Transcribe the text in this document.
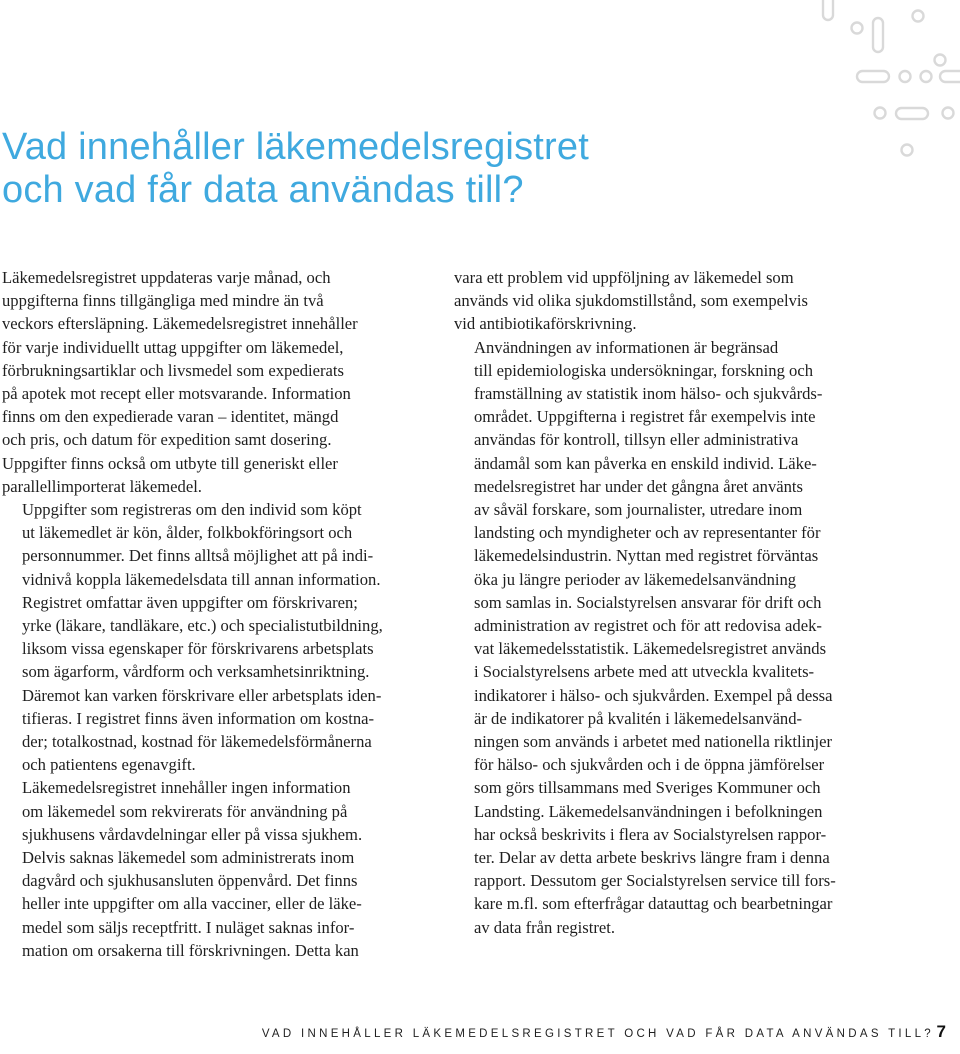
Vad innehåller läkemedelsregistret
och vad får data användas till?

Läkemedelsregistret uppdateras varje månad, och
uppgifterna finns tillgängliga med mindre än två
veckors eftersläpning. Läkemedelsregistret innehåller
för varje individuellt uttag uppgifter om läkemedel,
förbrukningsartiklar och livsmedel som expedierats
på apotek mot recept eller motsvarande. Information
finns om den expedierade varan – identitet, mängd
och pris, och datum för expedition samt dosering.
Uppgifter finns också om utbyte till generiskt eller
parallellimporterat läkemedel.

Uppgifter som registreras om den individ som köpt
ut läkemedlet är kön, ålder, folkbokföringsort och
personnummer. Det finns alltså möjlighet att på indi-
vidnivå koppla läkemedelsdata till annan information.
Registret omfattar även uppgifter om förskrivaren;
yrke (läkare, tandläkare, etc.) och specialistutbildning,
liksom vissa egenskaper för förskrivarens arbetsplats
som ägarform, vårdform och verksamhetsinriktning.
Däremot kan varken förskrivare eller arbetsplats iden-
tifieras. I registret finns även information om kostna-
der; totalkostnad, kostnad för läkemedelsförmånerna
och patientens egenavgift.

Läkemedelsregistret innehåller ingen information
om läkemedel som rekvirerats för användning på
sjukhusens vårdavdelningar eller på vissa sjukhem.
Delvis saknas läkemedel som administrerats inom
dagvård och sjukhusansluten öppenvård. Det finns
heller inte uppgifter om alla vacciner, eller de läke-
medel som säljs receptfritt. I nuläget saknas infor-
mation om orsakerna till förskrivningen. Detta kan

vara ett problem vid uppföljning av läkemedel som
används vid olika sjukdomstillstånd, som exempelvis
vid antibiotikaförskrivning.

Användningen av informationen är begränsad
till epidemiologiska undersökningar, forskning och
framställning av statistik inom hälso- och sjukvårds-
området. Uppgifterna i registret får exempelvis inte
användas för kontroll, tillsyn eller administrativa
ändamål som kan påverka en enskild individ. Läke-
medelsregistret har under det gångna året använts
av såväl forskare, som journalister, utredare inom
landsting och myndigheter och av representanter för
läkemedelsindustrin. Nyttan med registret förväntas
öka ju längre perioder av läkemedelsanvändning
som samlas in. Socialstyrelsen ansvarar för drift och
administration av registret och för att redovisa adek-
vat läkemedelsstatistik. Läkemedelsregistret används
i Socialstyrelsens arbete med att utveckla kvalitets-
indikatorer i hälso- och sjukvården. Exempel på dessa
är de indikatorer på kvalitén i läkemedelsanvänd-
ningen som används i arbetet med nationella riktlinjer
för hälso- och sjukvården och i de öppna jämförelser
som görs tillsammans med Sveriges Kommuner och
Landsting. Läkemedelsanvändningen i befolkningen
har också beskrivits i flera av Socialstyrelsen rappor-
ter. Delar av detta arbete beskrivs längre fram i denna
rapport. Dessutom ger Socialstyrelsen service till fors-
kare m.fl. som efterfrågar datauttag och bearbetningar
av data från registret.

VAD INNEHÅLLER LÄKEMEDELSREGISTRET OCH VAD FÅR DATA ANVÄNDAS TILL? 7
